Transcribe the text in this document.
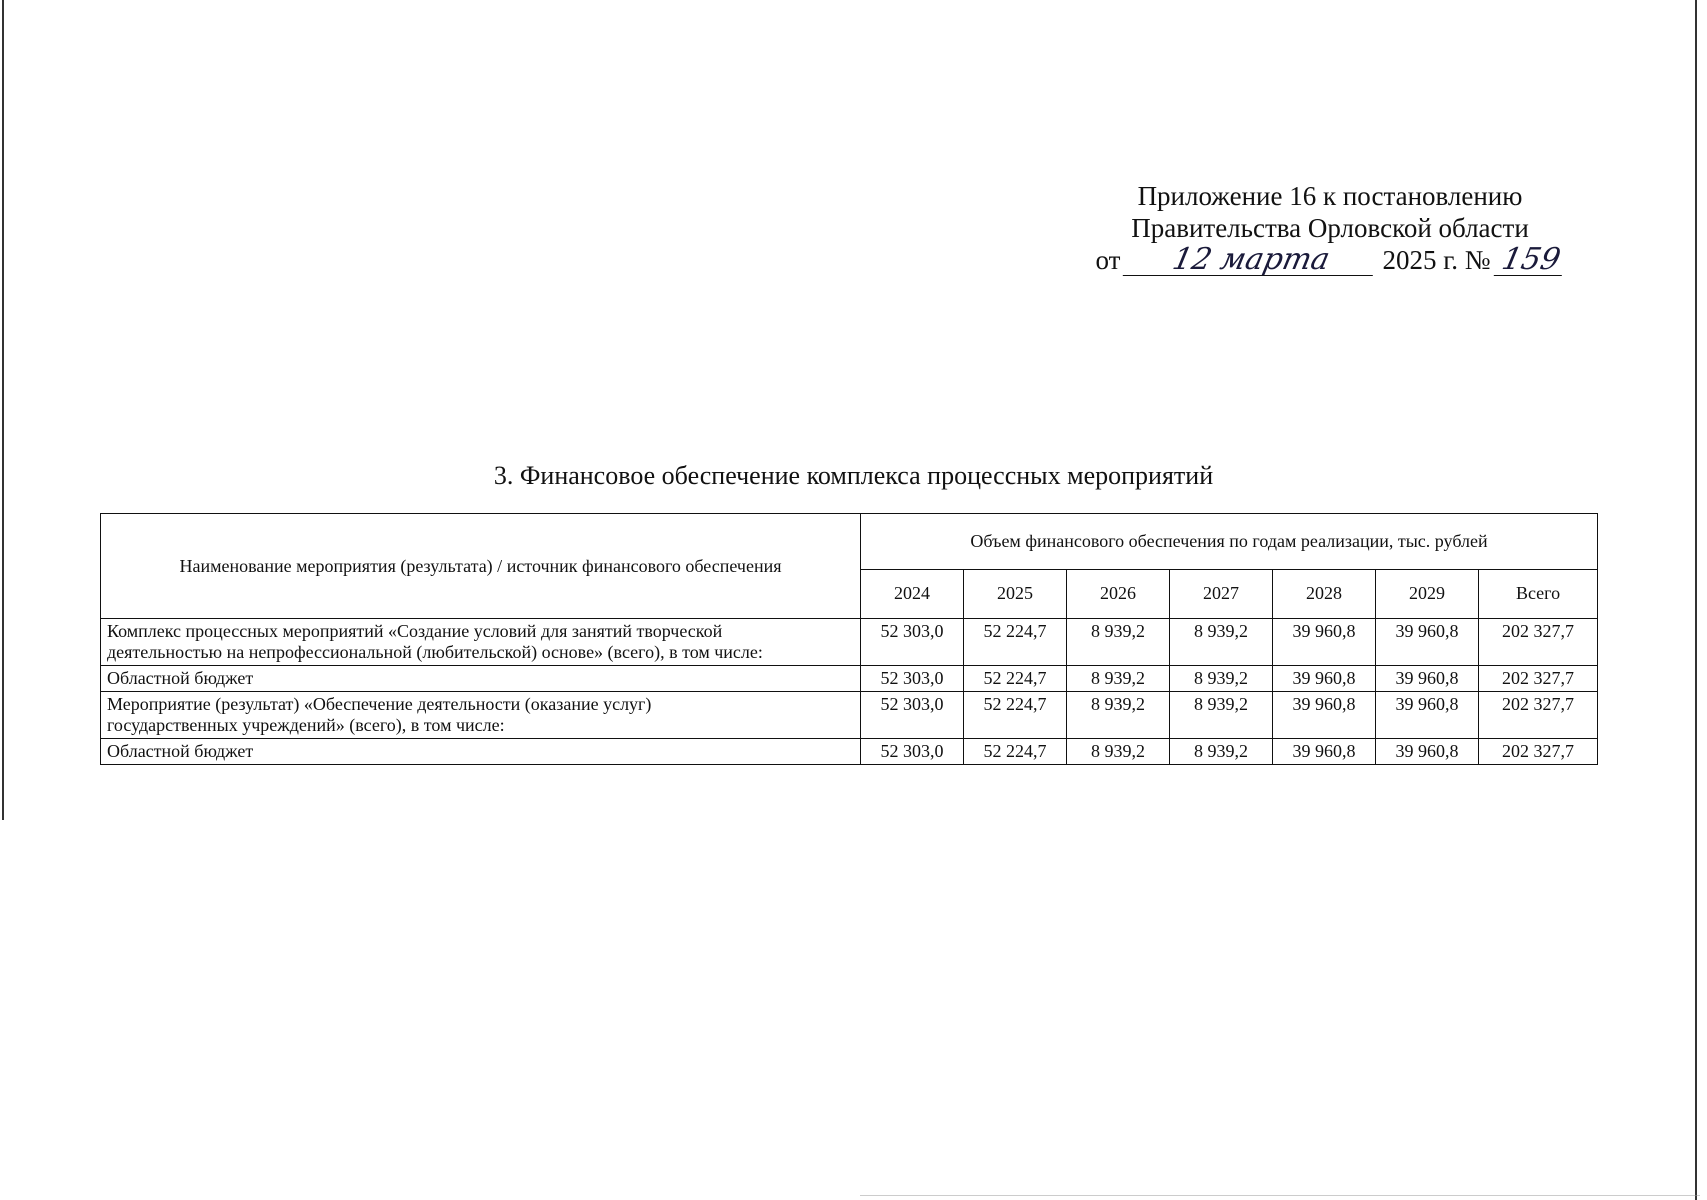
Приложение 16 к постановлению
Правительства Орловской области
от	12 марта	2025 г. № 159
3. Финансовое обеспечение комплекса процессных мероприятий
Наименование мероприятия (результата) / источник финансового обеспечения	Объем финансового обеспечения по годам реализации, тыс. рублей						
	2024	2025	2026	2027	2028	2029	Всего

Комплекс процессных мероприятий «Создание условий для занятий творческой
деятельностью на непрофессиональной (любительской) основе» (всего), в том числе:	52 303,0	52 224,7	8 939,2	8 939,2	39 960,8	39 960,8	202 327,7

Областной бюджет	52 303,0	52 224,7	8 939,2	8 939,2	39 960,8	39 960,8	202 327,7

Мероприятие (результат) «Обеспечение деятельности (оказание услуг)
государственных учреждений» (всего), в том числе:	52 303,0	52 224,7	8 939,2	8 939,2	39 960,8	39 960,8	202 327,7

Областной бюджет	52 303,0	52 224,7	8 939,2	8 939,2	39 960,8	39 960,8	202 327,7
